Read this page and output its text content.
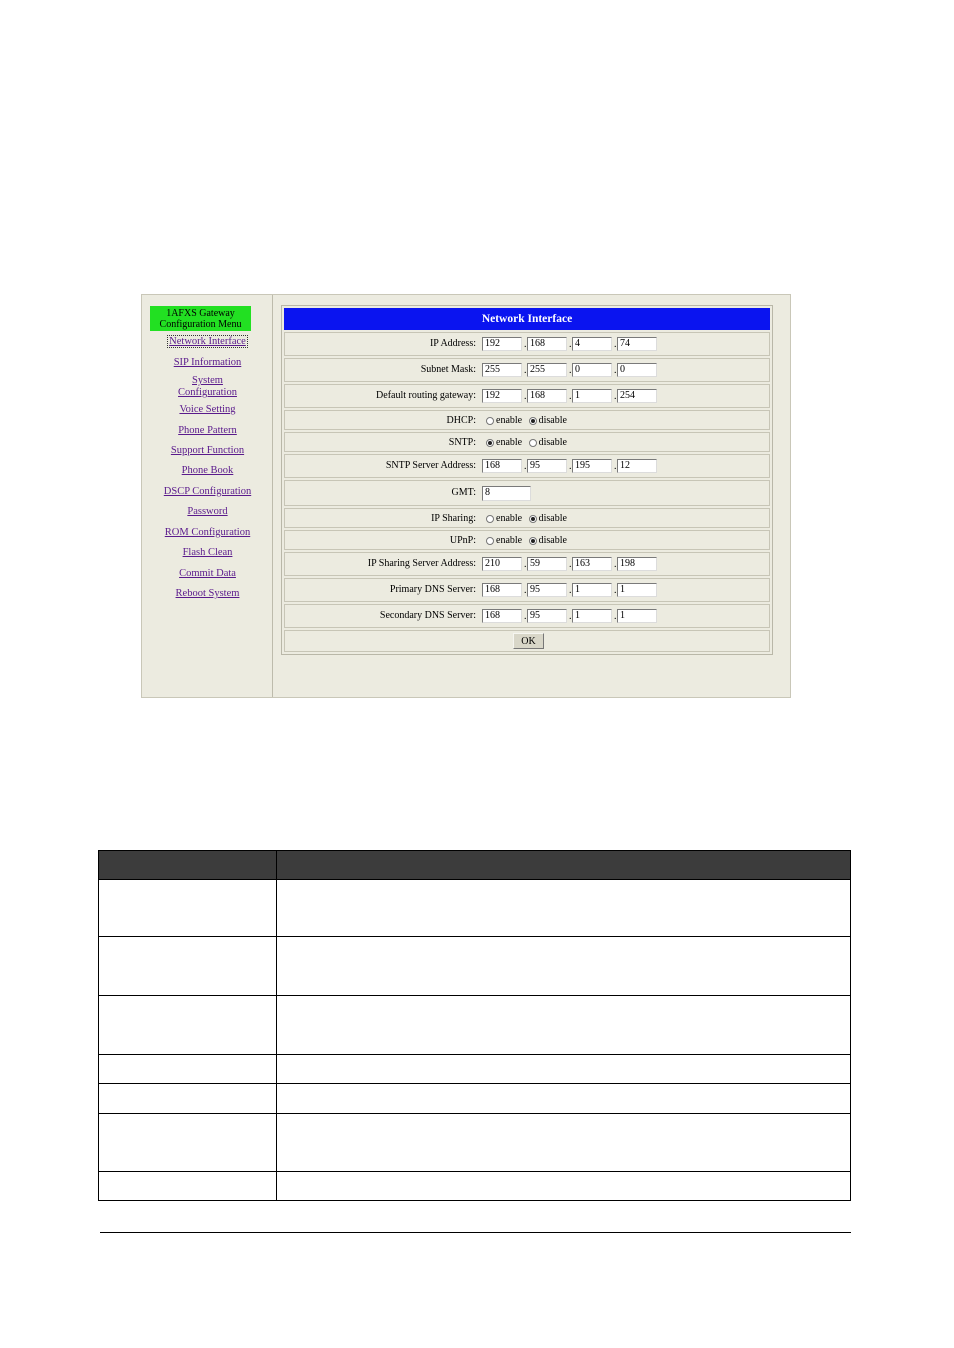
1AFXS Gateway
Configuration Menu
Network Interface
SIP Information
System
Configuration
Voice Setting
Phone Pattern
Support Function
Phone Book
DSCP Configuration
Password
ROM Configuration
Flash Clean
Commit Data
Reboot System
Network Interface
IP Address: 192	. 168	. 4	. 74
Subnet Mask: 255	. 255	. 0	. 0
Default routing gateway: 192	. 168	. 1	. 254
DHCP:	enable disable
SNTP:	enable disable
SNTP Server Address: 168	. 95	. 195	. 12
GMT: 8
IP Sharing:	enable disable
UPnP:	enable disable
IP Sharing Server Address: 210	. 59	. 163	. 198
Primary DNS Server: 168	. 95	. 1	. 1
Secondary DNS Server: 168	. 95	. 1	. 1
OK
